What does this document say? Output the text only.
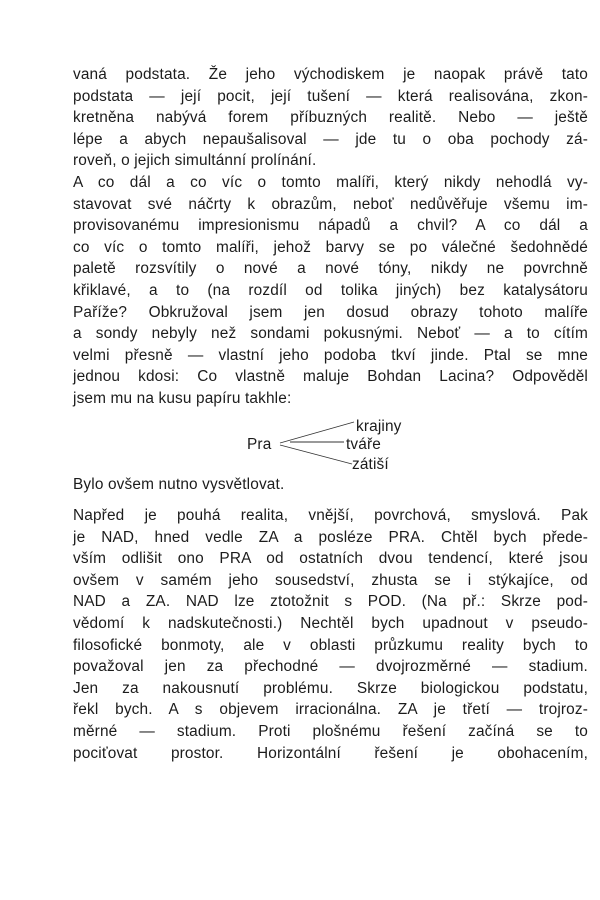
vaná podstata. Že jeho východiskem je naopak právě tato
podstata — její pocit, její tušení — která realisována, zkon-
kretněna nabývá forem příbuzných realitě. Nebo — ještě
lépe a abych nepaušalisoval — jde tu o oba pochody zá-
roveň, o jejich simultánní prolínání.
A co dál a co víc o tomto malíři, který nikdy nehodlá vy-
stavovat své náčrty k obrazům, neboť nedůvěřuje všemu im-
provisovanému impresionismu nápadů a chvil? A co dál a
co víc o tomto malíři, jehož barvy se po válečné šedohnědé
paletě rozsvítily o nové a nové tóny, nikdy ne povrchně
křiklavé, a to (na rozdíl od tolika jiných) bez katalysátoru
Paříže? Obkružoval jsem jen dosud obrazy tohoto malíře
a sondy nebyly než sondami pokusnými. Neboť — a to cítím
velmi přesně — vlastní jeho podoba tkví jinde. Ptal se mne
jednou kdosi: Co vlastně maluje Bohdan Lacina? Odpověděl
jsem mu na kusu papíru takhle:
Pra
krajiny
tváře
zátiší
Bylo ovšem nutno vysvětlovat.
Napřed je pouhá realita, vnější, povrchová, smyslová. Pak
je NAD, hned vedle ZA a posléze PRA. Chtěl bych přede-
vším odlišit ono PRA od ostatních dvou tendencí, které jsou
ovšem v samém jeho sousedství, zhusta se i stýkajíce, od
NAD a ZA. NAD lze ztotožnit s POD. (Na př.: Skrze pod-
vědomí k nadskutečnosti.) Nechtěl bych upadnout v pseudo-
filosofické bonmoty, ale v oblasti průzkumu reality bych to
považoval jen za přechodné — dvojrozměrné — stadium.
Jen za nakousnutí problému. Skrze biologickou podstatu,
řekl bych. A s objevem irracionálna. ZA je třetí — trojroz-
měrné — stadium. Proti plošnému řešení začíná se to
pociťovat prostor. Horizontální řešení je obohacením,
